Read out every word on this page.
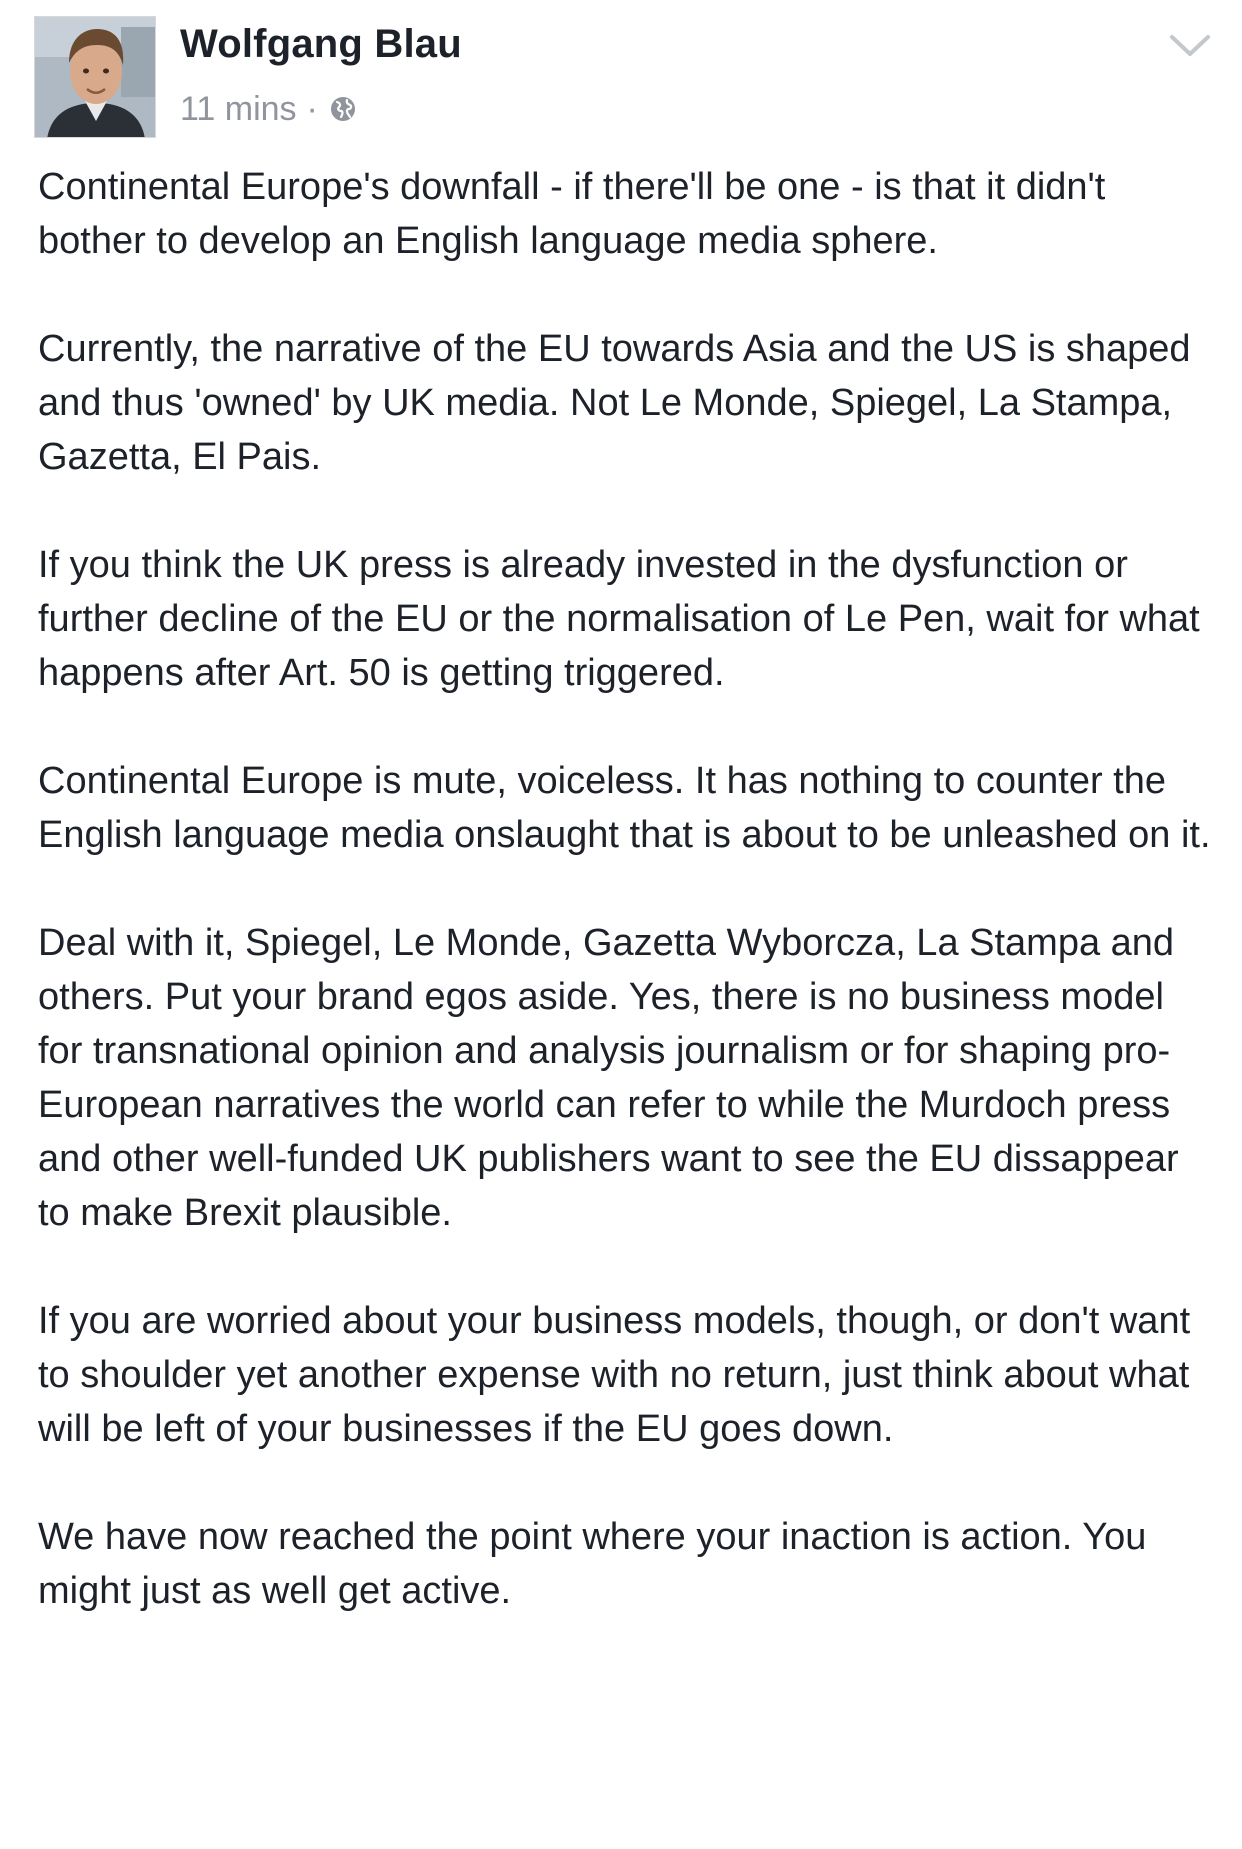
Wolfgang Blau
11 mins ·

Continental Europe's downfall - if there'll be one - is that it didn't bother to develop an English language media sphere.

Currently, the narrative of the EU towards Asia and the US is shaped and thus 'owned' by UK media. Not Le Monde, Spiegel, La Stampa, Gazetta, El Pais.

If you think the UK press is already invested in the dysfunction or further decline of the EU or the normalisation of Le Pen, wait for what happens after Art. 50 is getting triggered.

Continental Europe is mute, voiceless. It has nothing to counter the English language media onslaught that is about to be unleashed on it.

Deal with it, Spiegel, Le Monde, Gazetta Wyborcza, La Stampa and others. Put your brand egos aside. Yes, there is no business model for transnational opinion and analysis journalism or for shaping pro-European narratives the world can refer to while the Murdoch press and other well-funded UK publishers want to see the EU dissappear to make Brexit plausible.

If you are worried about your business models, though, or don't want to shoulder yet another expense with no return, just think about what will be left of your businesses if the EU goes down.

We have now reached the point where your inaction is action. You might just as well get active.
